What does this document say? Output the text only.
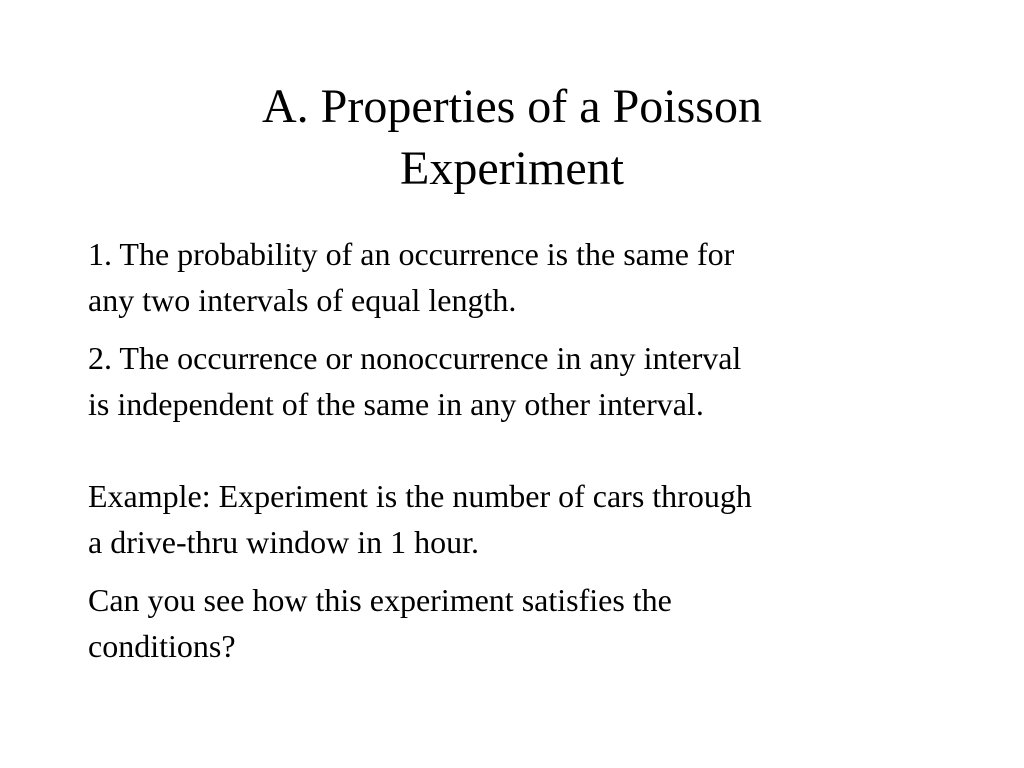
A. Properties of a Poisson
Experiment

1. The probability of an occurrence is the same for
any two intervals of equal length.

2. The occurrence or nonoccurrence in any interval
is independent of the same in any other interval.

Example: Experiment is the number of cars through
a drive-thru window in 1 hour.

Can you see how this experiment satisfies the
conditions?
